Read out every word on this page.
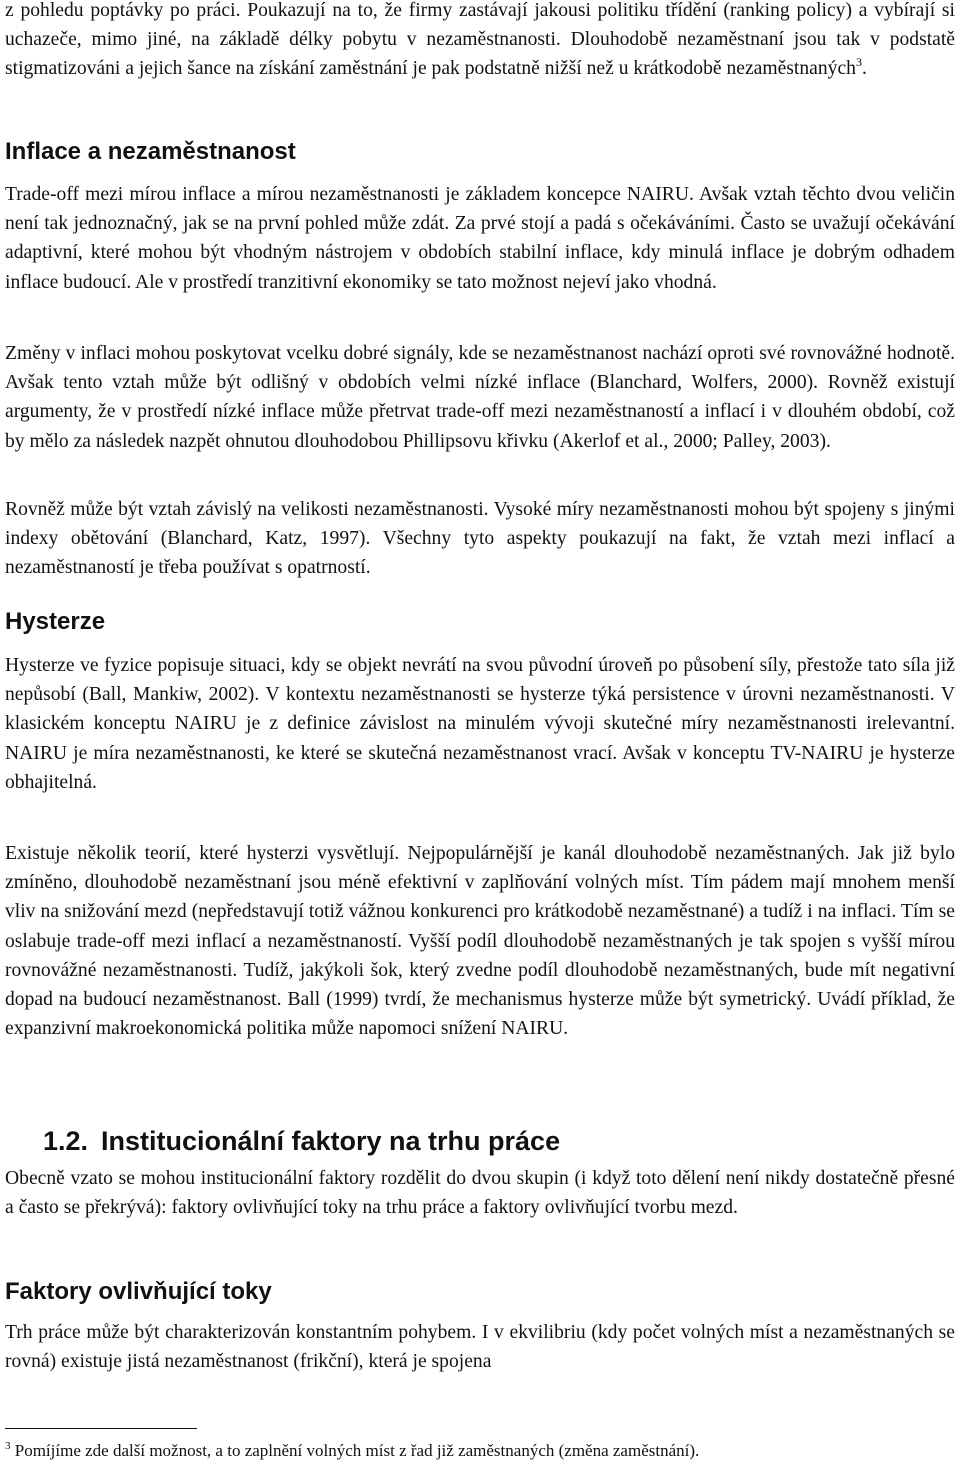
z pohledu poptávky po práci. Poukazují na to, že firmy zastávají jakousi politiku třídění (ranking policy) a vybírají si uchazeče, mimo jiné, na základě délky pobytu v nezaměstnanosti. Dlouhodobě nezaměstnaní jsou tak v podstatě stigmatizováni a jejich šance na získání zaměstnání je pak podstatně nižší než u krátkodobě nezaměstnaných$^3$.

Inflace a nezaměstnanost

Trade-off mezi mírou inflace a mírou nezaměstnanosti je základem koncepce NAIRU. Avšak vztah těchto dvou veličin není tak jednoznačný, jak se na první pohled může zdát. Za prvé stojí a padá s očekáváními. Často se uvažují očekávání adaptivní, které mohou být vhodným nástrojem v obdobích stabilní inflace, kdy minulá inflace je dobrým odhadem inflace budoucí. Ale v prostředí tranzitivní ekonomiky se tato možnost nejeví jako vhodná.

Změny v inflaci mohou poskytovat vcelku dobré signály, kde se nezaměstnanost nachází oproti své rovnovážné hodnotě. Avšak tento vztah může být odlišný v obdobích velmi nízké inflace (Blanchard, Wolfers, 2000). Rovněž existují argumenty, že v prostředí nízké inflace může přetrvat trade-off mezi nezaměstnaností a inflací i v dlouhém období, což by mělo za následek nazpět ohnutou dlouhodobou Phillipsovu křivku (Akerlof et al., 2000; Palley, 2003).

Rovněž může být vztah závislý na velikosti nezaměstnanosti. Vysoké míry nezaměstnanosti mohou být spojeny s jinými indexy obětování (Blanchard, Katz, 1997). Všechny tyto aspekty poukazují na fakt, že vztah mezi inflací a nezaměstnaností je třeba používat s opatrností.

Hysterze

Hysterze ve fyzice popisuje situaci, kdy se objekt nevrátí na svou původní úroveň po působení síly, přestože tato síla již nepůsobí (Ball, Mankiw, 2002). V kontextu nezaměstnanosti se hysterze týká persistence v úrovni nezaměstnanosti. V klasickém konceptu NAIRU je z definice závislost na minulém vývoji skutečné míry nezaměstnanosti irelevantní. NAIRU je míra nezaměstnanosti, ke které se skutečná nezaměstnanost vrací. Avšak v konceptu TV-NAIRU je hysterze obhajitelná.

Existuje několik teorií, které hysterzi vysvětlují. Nejpopulárnější je kanál dlouhodobě nezaměstnaných. Jak již bylo zmíněno, dlouhodobě nezaměstnaní jsou méně efektivní v zaplňování volných míst. Tím pádem mají mnohem menší vliv na snižování mezd (nepředstavují totiž vážnou konkurenci pro krátkodobě nezaměstnané) a tudíž i na inflaci. Tím se oslabuje trade-off mezi inflací a nezaměstnaností. Vyšší podíl dlouhodobě nezaměstnaných je tak spojen s vyšší mírou rovnovážné nezaměstnanosti. Tudíž, jakýkoli šok, který zvedne podíl dlouhodobě nezaměstnaných, bude mít negativní dopad na budoucí nezaměstnanost. Ball (1999) tvrdí, že mechanismus hysterze může být symetrický. Uvádí příklad, že expanzivní makroekonomická politika může napomoci snížení NAIRU.

1.2. Institucionální faktory na trhu práce

Obecně vzato se mohou institucionální faktory rozdělit do dvou skupin (i když toto dělení není nikdy dostatečně přesné a často se překrývá): faktory ovlivňující toky na trhu práce a faktory ovlivňující tvorbu mezd.

Faktory ovlivňující toky

Trh práce může být charakterizován konstantním pohybem. I v ekvilibriu (kdy počet volných míst a nezaměstnaných se rovná) existuje jistá nezaměstnanost (frikční), která je spojena

$^3$ Pomíjíme zde další možnost, a to zaplnění volných míst z řad již zaměstnaných (změna zaměstnání).
